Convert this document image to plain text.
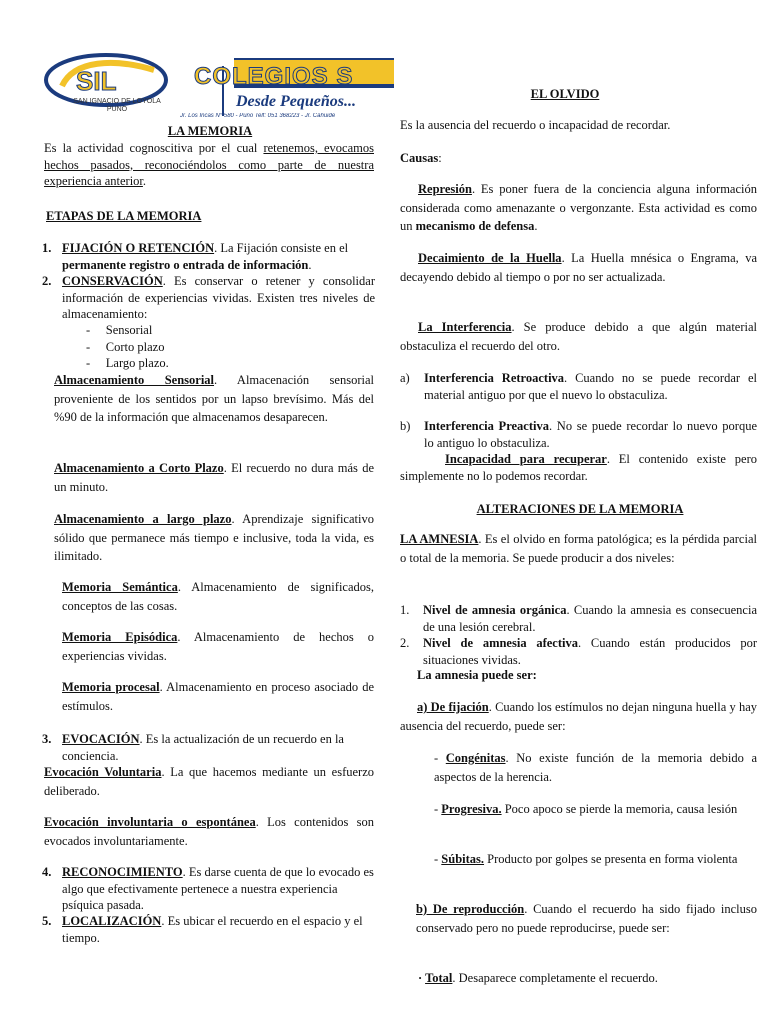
SIL
SAN IGNACIO DE LOYOLA
PUNO
COLEGIOS S
Desde Pequeños...
Jr. Los Incas N° 580 - Puno Telf: 051 368223 - Jr. Cahuide
LA MEMORIA
Es la actividad cognoscitiva por el cual retenemos, evocamos hechos pasados, reconociéndolos como parte de nuestra experiencia anterior.
ETAPAS DE LA MEMORIA
1. FIJACIÓN O RETENCIÓN. La Fijación consiste en el permanente registro o entrada de información.
2. CONSERVACIÓN. Es conservar o retener y consolidar información de experiencias vividas. Existen tres niveles de almacenamiento:
-     Sensorial
-     Corto plazo
-     Largo plazo.
Almacenamiento Sensorial. Almacenación sensorial proveniente de los sentidos por un lapso brevísimo. Más del %90 de la información que almacenamos desaparecen.
Almacenamiento a Corto Plazo. El recuerdo no dura más de un minuto.
Almacenamiento a largo plazo. Aprendizaje significativo sólido que permanece más tiempo e inclusive, toda la vida, es ilimitado.
Memoria Semántica. Almacenamiento de significados, conceptos de las cosas.
Memoria Episódica. Almacenamiento de hechos o experiencias vividas.
Memoria procesal. Almacenamiento en proceso asociado de estímulos.
3. EVOCACIÓN. Es la actualización de un recuerdo en la conciencia.
Evocación Voluntaria. La que hacemos mediante un esfuerzo deliberado.
Evocación involuntaria o espontánea. Los contenidos son evocados involuntariamente.
4. RECONOCIMIENTO. Es darse cuenta de que lo evocado es algo que efectivamente pertenece a nuestra experiencia psíquica pasada.
5. LOCALIZACIÓN. Es ubicar el recuerdo en el espacio y el tiempo.
EL OLVIDO
Es la ausencia del recuerdo o incapacidad de recordar.
Causas:
Represión. Es poner fuera de la conciencia alguna información considerada como amenazante o vergonzante. Esta actividad es como un mecanismo de defensa.
Decaimiento de la Huella. La Huella mnésica o Engrama, va decayendo debido al tiempo o por no ser actualizada.
La Interferencia. Se produce debido a que algún material obstaculiza el recuerdo del otro.
a)	Interferencia Retroactiva. Cuando no se puede recordar el material antiguo por que el nuevo lo obstaculiza.
b)	Interferencia Preactiva. No se puede recordar lo nuevo porque lo antiguo lo obstaculiza.
Incapacidad para recuperar. El contenido existe pero simplemente no lo podemos recordar.
ALTERACIONES DE LA MEMORIA
LA AMNESIA. Es el olvido en forma patológica; es la pérdida parcial o total de la memoria. Se puede producir a dos niveles:
1.	Nivel de amnesia orgánica. Cuando la amnesia es consecuencia de una lesión cerebral.
2.	Nivel de amnesia afectiva. Cuando están producidos por situaciones vividas.
La amnesia puede ser:
a) De fijación. Cuando los estímulos no dejan ninguna huella y hay ausencia del recuerdo, puede ser:
- Congénitas. No existe función de la memoria debido a aspectos de la herencia.
- Progresiva. Poco apoco se pierde la memoria, causa lesión
- Súbitas. Producto por golpes se presenta en forma violenta
b) De reproducción. Cuando el recuerdo ha sido fijado incluso conservado pero no puede reproducirse, puede ser:
· Total. Desaparece completamente el recuerdo.
